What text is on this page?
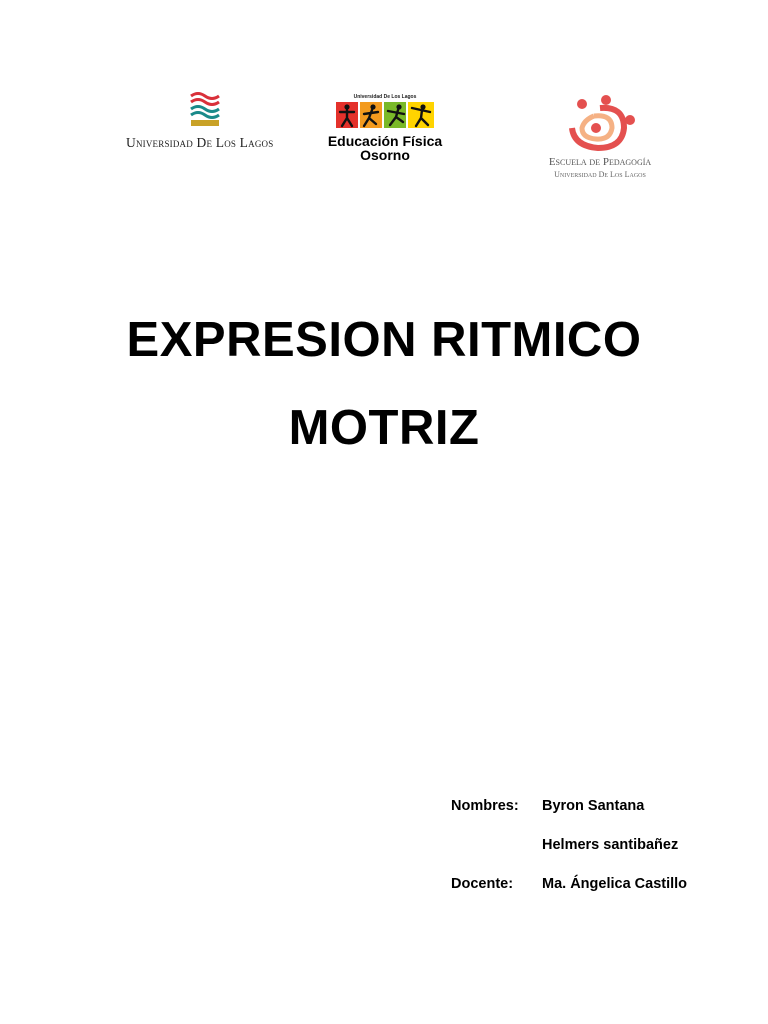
Universidad De Los Lagos
Universidad De Los Lagos
Educación Física
Osorno	Escuela de Pedagogía
Universidad De Los Lagos
EXPRESION RITMICO
MOTRIZ
Nombres: Byron Santana
Helmers santibañez
Docente: Ma. Ángelica Castillo
